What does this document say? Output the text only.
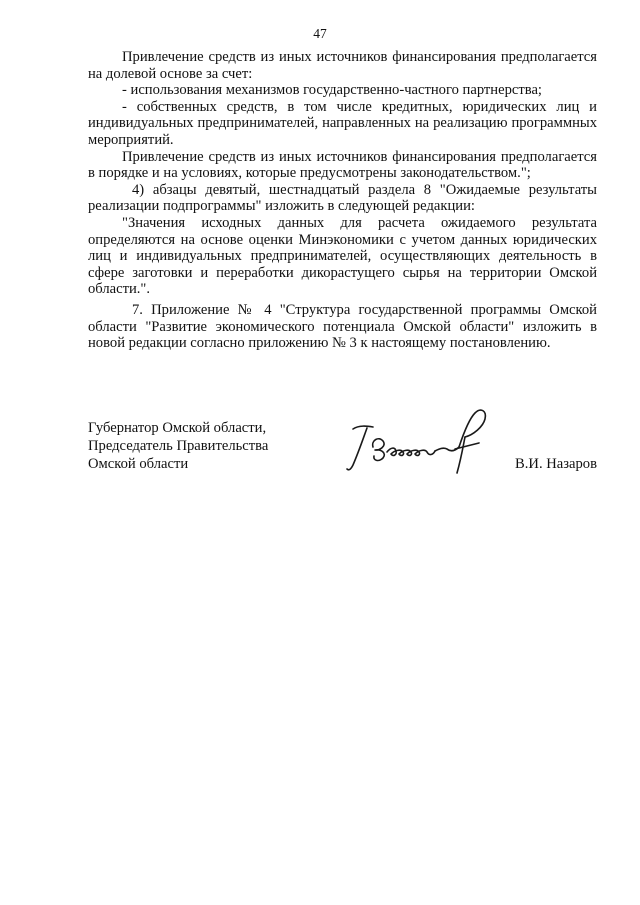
47

Привлечение средств из иных источников финансирования предполагается на долевой основе за счет:

- использования механизмов государственно-частного партнерства;

- собственных средств, в том числе кредитных, юридических лиц и индивидуальных предпринимателей, направленных на реализацию программных мероприятий.

Привлечение средств из иных источников финансирования предполагается в порядке и на условиях, которые предусмотрены законодательством.";

4) абзацы девятый, шестнадцатый раздела 8 "Ожидаемые результаты реализации подпрограммы" изложить в следующей редакции:

"Значения исходных данных для расчета ожидаемого результата определяются на основе оценки Минэкономики с учетом данных юридических лиц и индивидуальных предпринимателей, осуществляющих деятельность в сфере заготовки и переработки дикорастущего сырья на территории Омской области.".

7. Приложение № 4 "Структура государственной программы Омской области "Развитие экономического потенциала Омской области" изложить в новой редакции согласно приложению № 3 к настоящему постановлению.

Губернатор Омской области,
Председатель Правительства
Омской области	В.И. Назаров
